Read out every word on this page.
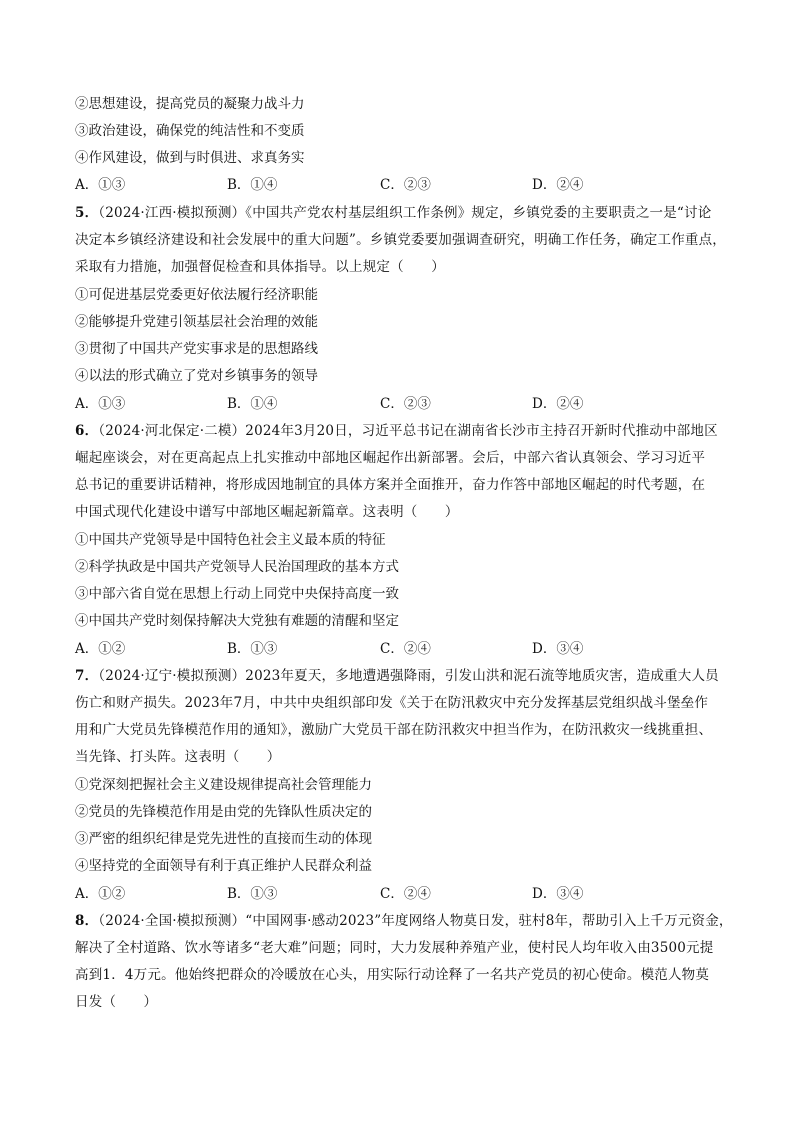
②思想建设，提高党员的凝聚力战斗力
③政治建设，确保党的纯洁性和不变质
④作风建设，做到与时俱进、求真务实
A．①③	B．①④	C．②③	D．②④
5．（2024·江西·模拟预测）《中国共产党农村基层组织工作条例》规定，乡镇党委的主要职责之一是“讨论
决定本乡镇经济建设和社会发展中的重大问题”。乡镇党委要加强调查研究，明确工作任务，确定工作重点，
采取有力措施，加强督促检查和具体指导。以上规定（　　）
①可促进基层党委更好依法履行经济职能
②能够提升党建引领基层社会治理的效能
③贯彻了中国共产党实事求是的思想路线
④以法的形式确立了党对乡镇事务的领导
A．①③	B．①④	C．②③	D．②④
6．（2024·河北保定·二模）2024年3月20日，习近平总书记在湖南省长沙市主持召开新时代推动中部地区
崛起座谈会，对在更高起点上扎实推动中部地区崛起作出新部署。会后，中部六省认真领会、学习习近平
总书记的重要讲话精神，将形成因地制宜的具体方案并全面推开，奋力作答中部地区崛起的时代考题，在
中国式现代化建设中谱写中部地区崛起新篇章。这表明（　　）
①中国共产党领导是中国特色社会主义最本质的特征
②科学执政是中国共产党领导人民治国理政的基本方式
③中部六省自觉在思想上行动上同党中央保持高度一致
④中国共产党时刻保持解决大党独有难题的清醒和坚定
A．①②	B．①③	C．②④	D．③④
7．（2024·辽宁·模拟预测）2023年夏天，多地遭遇强降雨，引发山洪和泥石流等地质灾害，造成重大人员
伤亡和财产损失。2023年7月，中共中央组织部印发《关于在防汛救灾中充分发挥基层党组织战斗堡垒作
用和广大党员先锋模范作用的通知》，激励广大党员干部在防汛救灾中担当作为，在防汛救灾一线挑重担、
当先锋、打头阵。这表明（　　）
①党深刻把握社会主义建设规律提高社会管理能力
②党员的先锋模范作用是由党的先锋队性质决定的
③严密的组织纪律是党先进性的直接而生动的体现
④坚持党的全面领导有利于真正维护人民群众利益
A．①②	B．①③	C．②④	D．③④
8．（2024·全国·模拟预测）“中国网事·感动2023”年度网络人物莫日发，驻村8年，帮助引入上千万元资金，
解决了全村道路、饮水等诸多“老大难”问题；同时，大力发展种养殖产业，使村民人均年收入由3500元提
高到1．4万元。他始终把群众的冷暖放在心头，用实际行动诠释了一名共产党员的初心使命。模范人物莫
日发（　　）
